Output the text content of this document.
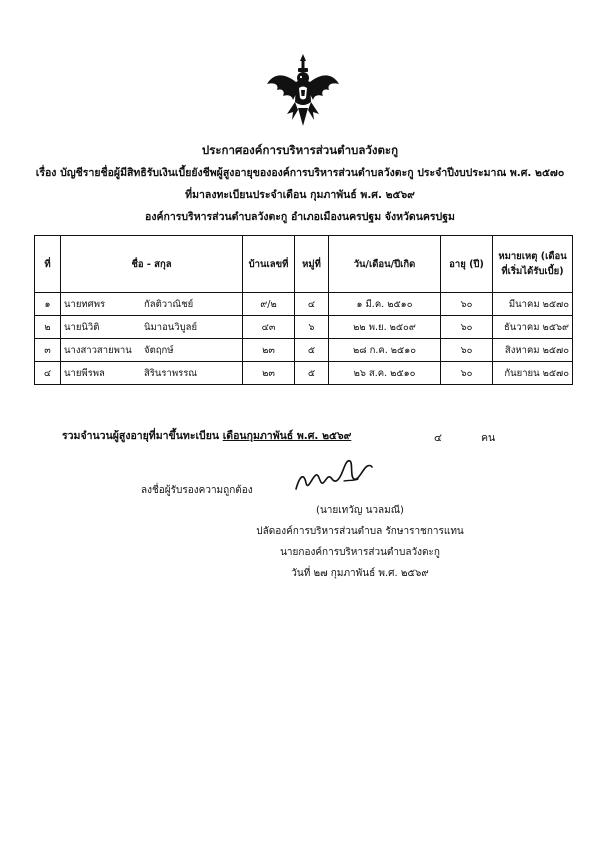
ประกาศองค์การบริหารส่วนตำบลวังตะกู
เรื่อง บัญชีรายชื่อผู้มีสิทธิรับเงินเบี้ยยังชีพผู้สูงอายุขององค์การบริหารส่วนตำบลวังตะกู ประจำปีงบประมาณ พ.ศ. ๒๕๗๐
ที่มาลงทะเบียนประจำเดือน กุมภาพันธ์ พ.ศ. ๒๕๖๙
องค์การบริหารส่วนตำบลวังตะกู อำเภอเมืองนครปฐม จังหวัดนครปฐม
ที่	ชื่อ - สกุล	บ้านเลขที่	หมู่ที่	วัน/เดือน/ปีเกิด	อายุ (ปี)	หมายเหตุ (เดือนที่เริ่มได้รับเบี้ย)
๑	นายทศพร กัลติวาณิชย์	๙/๒	๔	๑ มี.ค. ๒๕๑๐	๖๐	มีนาคม ๒๕๗๐
๒	นายนิวิติ นิมาอนวิบูลย์	๔๓	๖	๒๒ พ.ย. ๒๕๐๙	๖๐	ธันวาคม ๒๕๖๙
๓	นางสาวสายพาน จัตฤกษ์	๒๓	๕	๒๘ ก.ค. ๒๕๑๐	๖๐	สิงหาคม ๒๕๗๐
๔	นายพีรพล สิรินราพรรณ	๒๓	๕	๒๖ ส.ค. ๒๕๑๐	๖๐	กันยายน ๒๕๗๐
รวมจำนวนผู้สูงอายุที่มาขึ้นทะเบียน เดือนกุมภาพันธ์ พ.ศ. ๒๕๖๙	๔	คน
ลงชื่อผู้รับรองความถูกต้อง
(นายเทวัญ นวลมณี)
ปลัดองค์การบริหารส่วนตำบล รักษาราชการแทน
นายกองค์การบริหารส่วนตำบลวังตะกู
วันที่ ๒๗ กุมภาพันธ์ พ.ศ. ๒๕๖๙
